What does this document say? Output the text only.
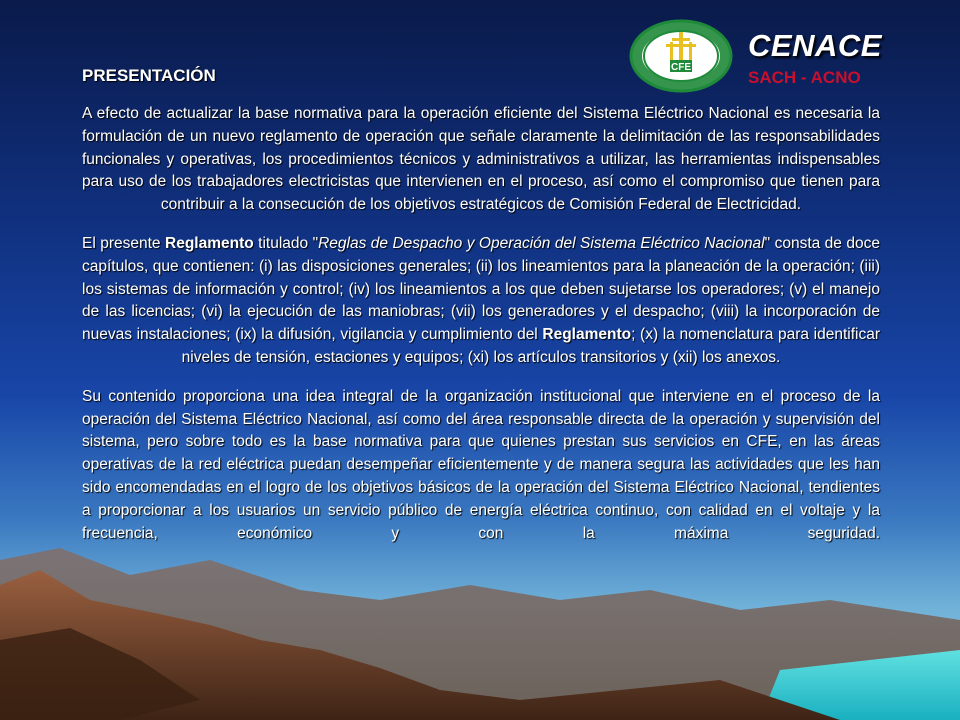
PRESENTACIÓN	CFE
CENACE
SACH - ACNO

A efecto de actualizar la base normativa para la operación eficiente del Sistema Eléctrico Nacional es necesaria la formulación de un nuevo reglamento de operación que señale claramente la delimitación de las responsabilidades funcionales y operativas, los procedimientos técnicos y administrativos a utilizar, las herramientas indispensables para uso de los trabajadores electricistas que intervienen en el proceso, así como el compromiso que tienen para contribuir a la consecución de los objetivos estratégicos de Comisión Federal de Electricidad.

El presente Reglamento titulado "Reglas de Despacho y Operación del Sistema Eléctrico Nacional" consta de doce capítulos, que contienen: (i) las disposiciones generales; (ii) los lineamientos para la planeación de la operación; (iii) los sistemas de información y control; (iv) los lineamientos a los que deben sujetarse los operadores; (v) el manejo de las licencias; (vi) la ejecución de las maniobras; (vii) los generadores y el despacho; (viii) la incorporación de nuevas instalaciones; (ix) la difusión, vigilancia y cumplimiento del Reglamento; (x) la nomenclatura para identificar niveles de tensión, estaciones y equipos; (xi) los artículos transitorios y (xii) los anexos.

Su contenido proporciona una idea integral de la organización institucional que interviene en el proceso de la operación del Sistema Eléctrico Nacional, así como del área responsable directa de la operación y supervisión del sistema, pero sobre todo es la base normativa para que quienes prestan sus servicios en CFE, en las áreas operativas de la red eléctrica puedan desempeñar eficientemente y de manera segura las actividades que les han sido encomendadas en el logro de los objetivos básicos de la operación del Sistema Eléctrico Nacional, tendientes a proporcionar a los usuarios un servicio público de energía eléctrica continuo, con calidad en el voltaje y la frecuencia, económico y con la máxima seguridad.
